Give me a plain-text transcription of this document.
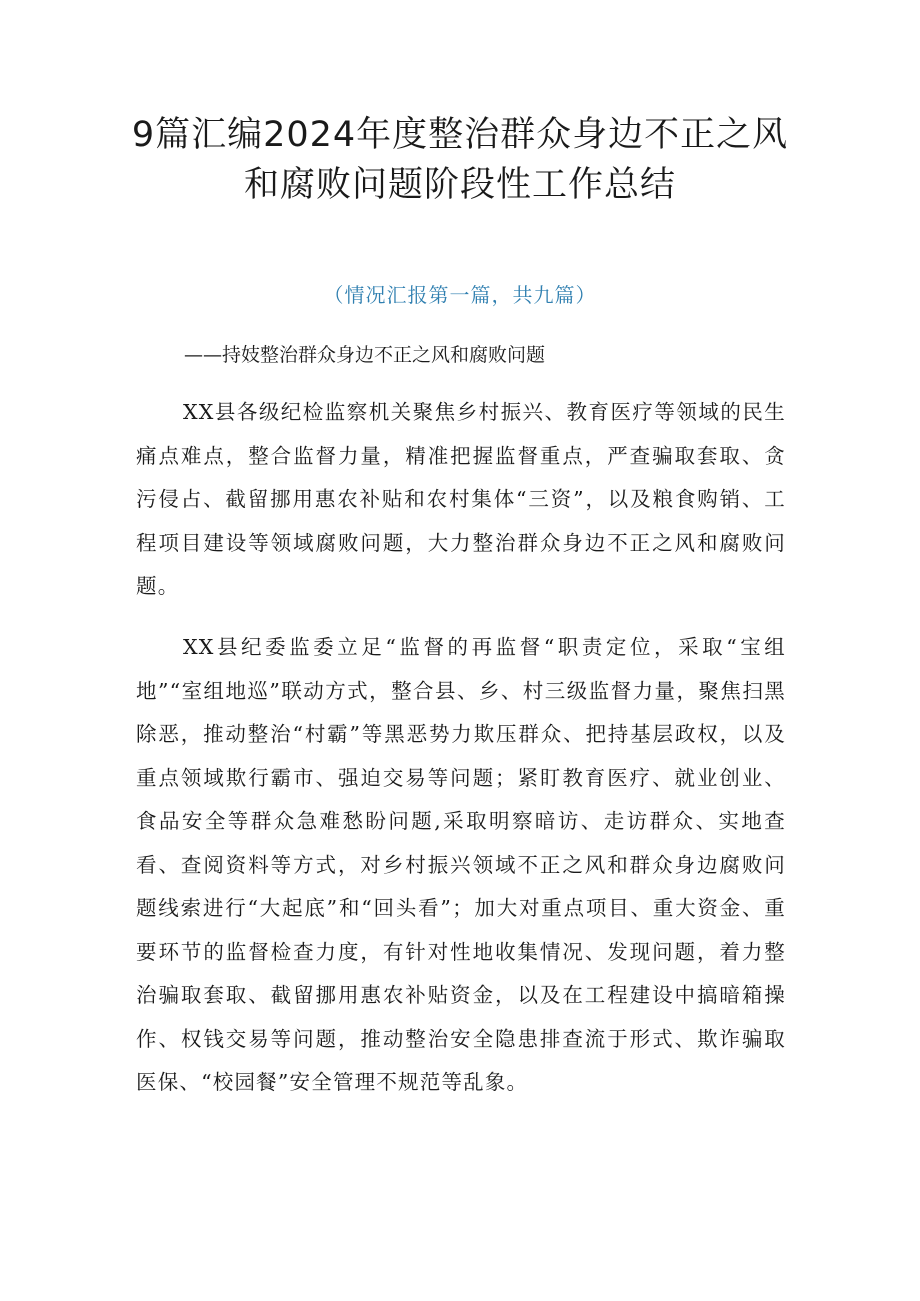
9篇汇编2024年度整治群众身边不正之风
和腐败问题阶段性工作总结
（情况汇报第一篇，共九篇）
——持妓整治群众身边不正之风和腐败问题

XX县各级纪检监察机关聚焦乡村振兴、教育医疗等领域的民生痛点难点，整合监督力量，精准把握监督重点，严查骗取套取、贪污侵占、截留挪用惠农补贴和农村集体“三资”，以及粮食购销、工程项目建设等领域腐败问题，大力整治群众身边不正之风和腐败问题。

XX县纪委监委立足“监督的再监督“职责定位，采取“宝组地”“室组地巡”联动方式，整合县、乡、村三级监督力量，聚焦扫黑除恶，推动整治“村霸”等黑恶势力欺压群众、把持基层政权，以及重点领域欺行霸市、强迫交易等问题；紧盯教育医疗、就业创业、食品安全等群众急难愁盼问题,采取明察暗访、走访群众、实地查看、查阅资料等方式，对乡村振兴领域不正之风和群众身边腐败问题线索进行“大起底”和“回头看”；加大对重点项目、重大资金、重要环节的监督检查力度，有针对性地收集情况、发现问题，着力整治骗取套取、截留挪用惠农补贴资金，以及在工程建设中搞暗箱操作、权钱交易等问题，推动整治安全隐患排查流于形式、欺诈骗取医保、“校园餐”安全管理不规范等乱象。
